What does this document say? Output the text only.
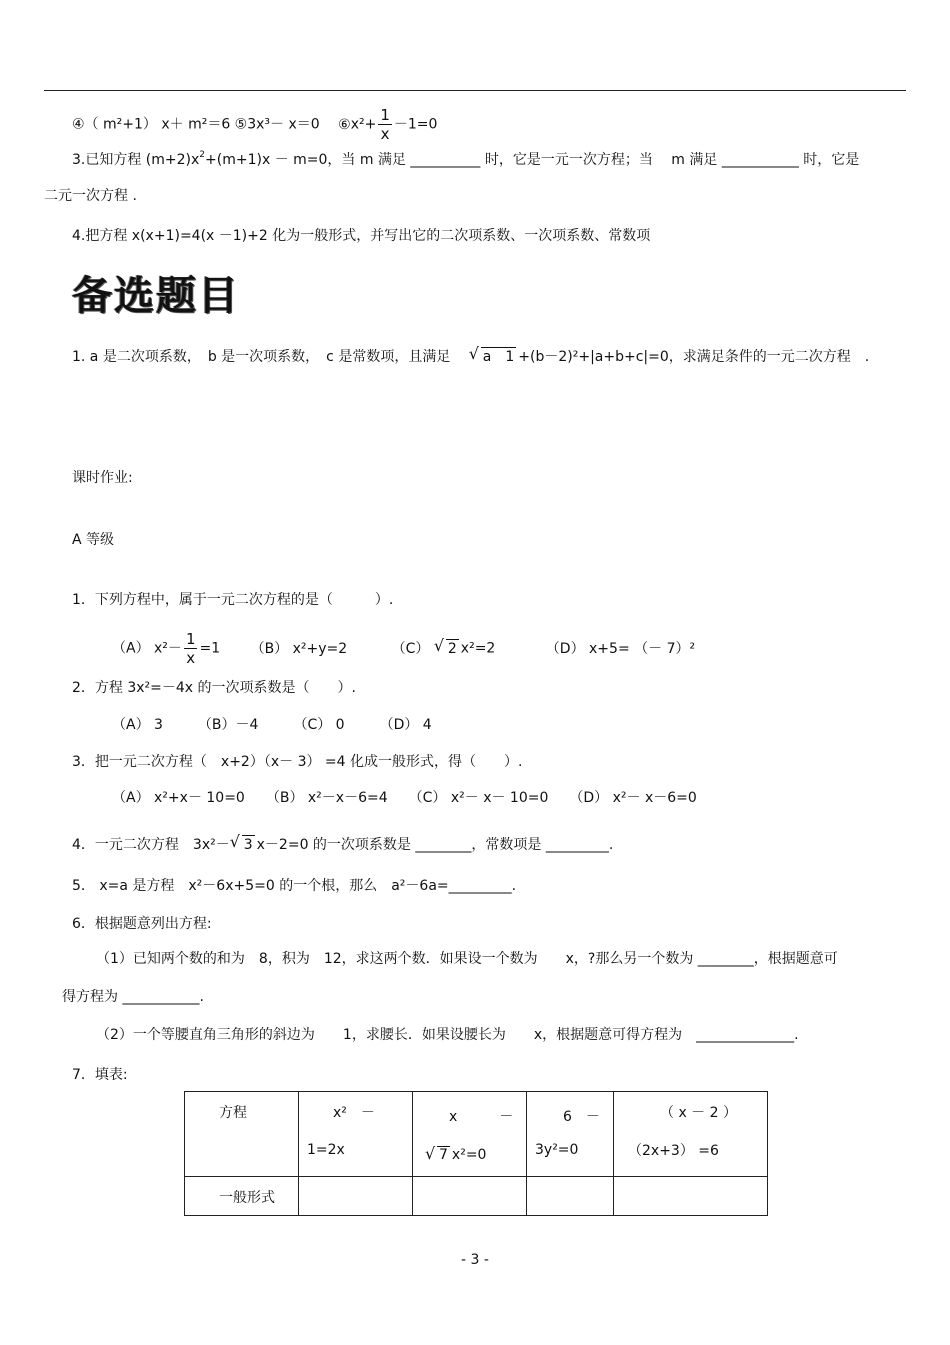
④（ m²+1） x＋ m²＝6 ⑤3x³－ x＝0 ⑥x²+ $\frac{1}{x} -1=0$
3.已知方程 $(m+2)x^2+(m+1)x - m=0$，当 m 满足 __________ 时，它是一元一次方程；当　 m 满足 ___________ 时，它是
二元一次方程 .
4.把方程 x(x+1)=4(x －1)+2 化为一般形式，并写出它的二次项系数、一次项系数、常数项
备选题目
1. a 是二次项系数，　b 是一次项系数，　c 是常数项，且满足 √ a　1 +(b－2)²+|a+b+c|=0，求满足条件的一元二次方程　.
课时作业:
A 等级
1．下列方程中，属于一元二次方程的是（　　　）.
（A） $x^2- \frac{1}{x} =1$ （B） x²+y=2	（C） √ 2 x²=2	（D） x+5= （－ 7）²
2．方程 3x²=－4x 的一次项系数是（　　）.
（A） 3　　　（B）－4　　　（C） 0　　　（D） 4
3．把一元二次方程（　x+2）（x－ 3） =4 化成一般形式，得（　　）.
（A） x²+x－ 10=0　　（B） x²－x－6=4　　（C） x²－ x－ 10=0　　（D） x²－ x－6=0
4．一元二次方程　3x²－ √ 3 x－2=0 的一次项系数是 ________，常数项是 _________.
5． x=a 是方程　x²－6x+5=0 的一个根，那么　a²－6a=_________.
6．根据题意列出方程:
（1）已知两个数的和为　8，积为　12，求这两个数．如果设一个数为　　x，?那么另一个数为 ________，根据题意可
得方程为 ___________.
（2）一个等腰直角三角形的斜边为　　1，求腰长．如果设腰长为　　x，根据题意可得方程为　______________.
7．填表:
方程	x²　－
1=2x	x　　　－
√ 7 x²=0	6　－
3y²=0	（ x － 2 ）
（2x+3） =6

一般形式				

- 3 -
